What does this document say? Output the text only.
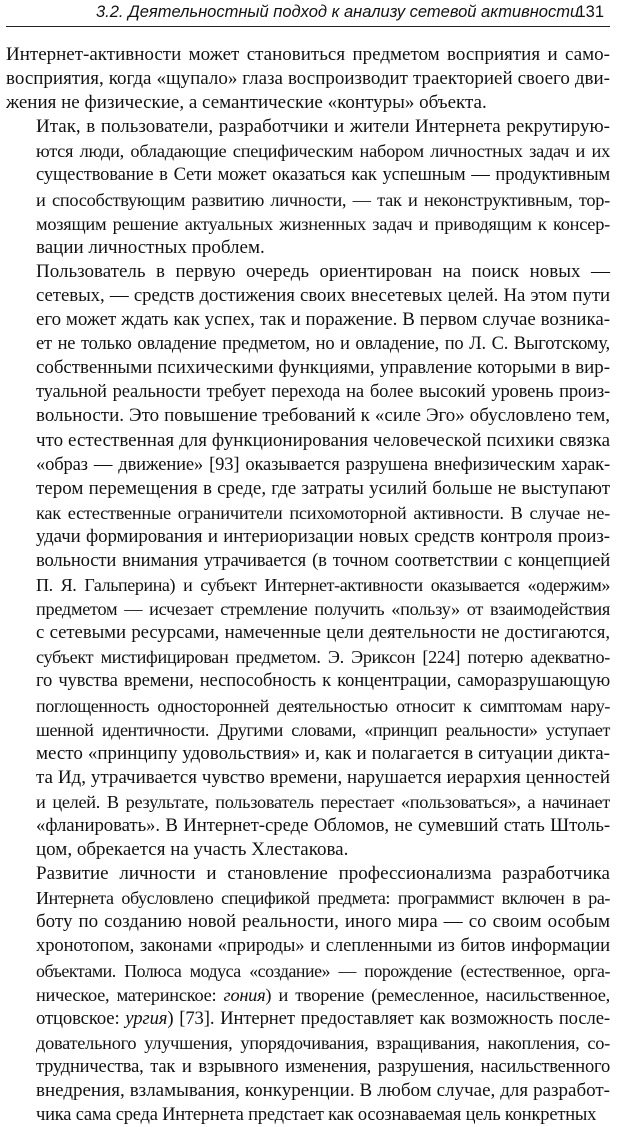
3.2. Деятельностный подход к анализу сетевой активности
131

Интернет-активности может становиться предметом восприятия и само-
восприятия, когда «щупало» глаза воспроизводит траекторией своего дви-
жения не физические, а семантические «контуры» объекта.

Итак, в пользователи, разработчики и жители Интернета рекрутирую-
ются люди, обладающие специфическим набором личностных задач и их
существование в Сети может оказаться как успешным — продуктивным
и способствующим развитию личности, — так и неконструктивным, тор-
мозящим решение актуальных жизненных задач и приводящим к консер-
вации личностных проблем.

Пользователь в первую очередь ориентирован на поиск новых —
сетевых, — средств достижения своих внесетевых целей. На этом пути
его может ждать как успех, так и поражение. В первом случае возника-
ет не только овладение предметом, но и овладение, по Л. С. Выготскому,
собственными психическими функциями, управление которыми в вир-
туальной реальности требует перехода на более высокий уровень произ-
вольности. Это повышение требований к «силе Эго» обусловлено тем,
что естественная для функционирования человеческой психики связка
«образ — движение» [93] оказывается разрушена внефизическим харак-
тером перемещения в среде, где затраты усилий больше не выступают
как естественные ограничители психомоторной активности. В случае не-
удачи формирования и интериоризации новых средств контроля произ-
вольности внимания утрачивается (в точном соответствии с концепцией
П. Я. Гальперина) и субъект Интернет-активности оказывается «одержим»
предметом — исчезает стремление получить «пользу» от взаимодействия
с сетевыми ресурсами, намеченные цели деятельности не достигаются,
субъект мистифицирован предметом. Э. Эриксон [224] потерю адекватно-
го чувства времени, неспособность к концентрации, саморазрушающую
поглощенность односторонней деятельностью относит к симптомам нару-
шенной идентичности. Другими словами, «принцип реальности» уступает
место «принципу удовольствия» и, как и полагается в ситуации дикта-
та Ид, утрачивается чувство времени, нарушается иерархия ценностей
и целей. В результате, пользователь перестает «пользоваться», а начинает
«фланировать». В Интернет-среде Обломов, не сумевший стать Штоль-
цом, обрекается на участь Хлестакова.

Развитие личности и становление профессионализма разработчика
Интернета обусловлено спецификой предмета: программист включен в ра-
боту по созданию новой реальности, иного мира — со своим особым
хронотопом, законами «природы» и слепленными из битов информации
объектами. Полюса модуса «создание» — порождение (естественное, орга-
ническое, материнское: гония) и творение (ремесленное, насильственное,
отцовское: ургия) [73]. Интернет предоставляет как возможность после-
довательного улучшения, упорядочивания, взращивания, накопления, со-
трудничества, так и взрывного изменения, разрушения, насильственного
внедрения, взламывания, конкуренции. В любом случае, для разработ-
чика сама среда Интернета предстает как осознаваемая цель конкретных
